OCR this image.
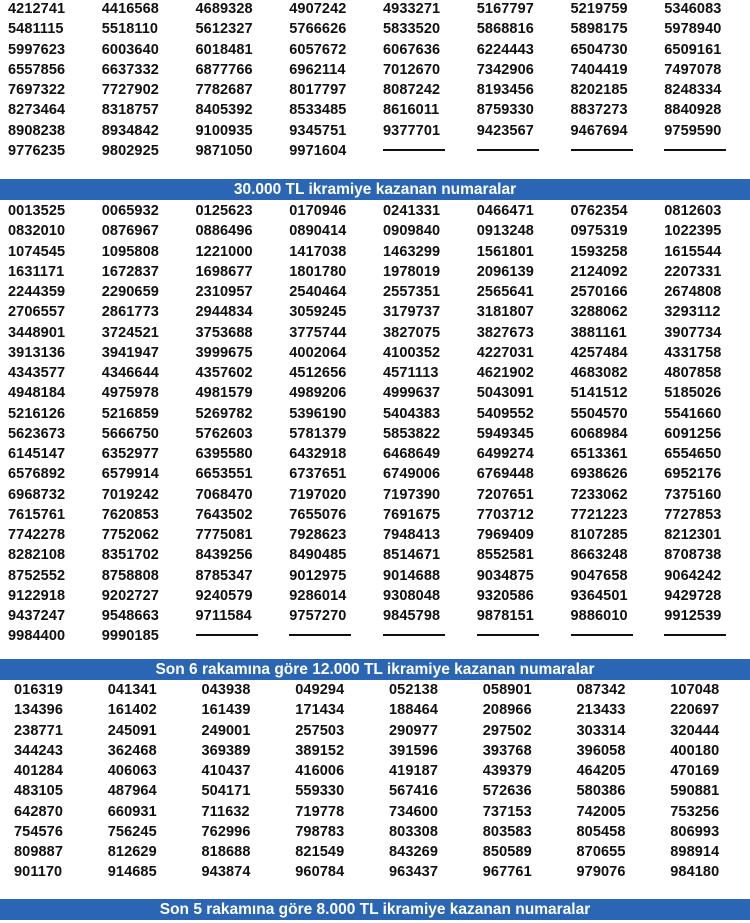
4212741	4416568	4689328	4907242	4933271	5167797	5219759	5346083
5481115	5518110	5612327	5766626	5833520	5868816	5898175	5978940
5997623	6003640	6018481	6057672	6067636	6224443	6504730	6509161
6557856	6637332	6877766	6962114	7012670	7342906	7404419	7497078
7697322	7727902	7782687	8017797	8087242	8193456	8202185	8248334
8273464	8318757	8405392	8533485	8616011	8759330	8837273	8840928
8908238	8934842	9100935	9345751	9377701	9423567	9467694	9759590
9776235	9802925	9871050	9971604
30.000 TL ikramiye kazanan numaralar
0013525	0065932	0125623	0170946	0241331	0466471	0762354	0812603
0832010	0876967	0886496	0890414	0909840	0913248	0975319	1022395
1074545	1095808	1221000	1417038	1463299	1561801	1593258	1615544
1631171	1672837	1698677	1801780	1978019	2096139	2124092	2207331
2244359	2290659	2310957	2540464	2557351	2565641	2570166	2674808
2706557	2861773	2944834	3059245	3179737	3181807	3288062	3293112
3448901	3724521	3753688	3775744	3827075	3827673	3881161	3907734
3913136	3941947	3999675	4002064	4100352	4227031	4257484	4331758
4343577	4346644	4357602	4512656	4571113	4621902	4683082	4807858
4948184	4975978	4981579	4989206	4999637	5043091	5141512	5185026
5216126	5216859	5269782	5396190	5404383	5409552	5504570	5541660
5623673	5666750	5762603	5781379	5853822	5949345	6068984	6091256
6145147	6352977	6395580	6432918	6468649	6499274	6513361	6554650
6576892	6579914	6653551	6737651	6749006	6769448	6938626	6952176
6968732	7019242	7068470	7197020	7197390	7207651	7233062	7375160
7615761	7620853	7643502	7655076	7691675	7703712	7721223	7727853
7742278	7752062	7775081	7928623	7948413	7969409	8107285	8212301
8282108	8351702	8439256	8490485	8514671	8552581	8663248	8708738
8752552	8758808	8785347	9012975	9014688	9034875	9047658	9064242
9122918	9202727	9240579	9286014	9308048	9320586	9364501	9429728
9437247	9548663	9711584	9757270	9845798	9878151	9886010	9912539
9984400	9990185
Son 6 rakamına göre 12.000 TL ikramiye kazanan numaralar
016319	041341	043938	049294	052138	058901	087342	107048
134396	161402	161439	171434	188464	208966	213433	220697
238771	245091	249001	257503	290977	297502	303314	320444
344243	362468	369389	389152	391596	393768	396058	400180
401284	406063	410437	416006	419187	439379	464205	470169
483105	487964	504171	559330	567416	572636	580386	590881
642870	660931	711632	719778	734600	737153	742005	753256
754576	756245	762996	798783	803308	803583	805458	806993
809887	812629	818688	821549	843269	850589	870655	898914
901170	914685	943874	960784	963437	967761	979076	984180
Son 5 rakamına göre 8.000 TL ikramiye kazanan numaralar
